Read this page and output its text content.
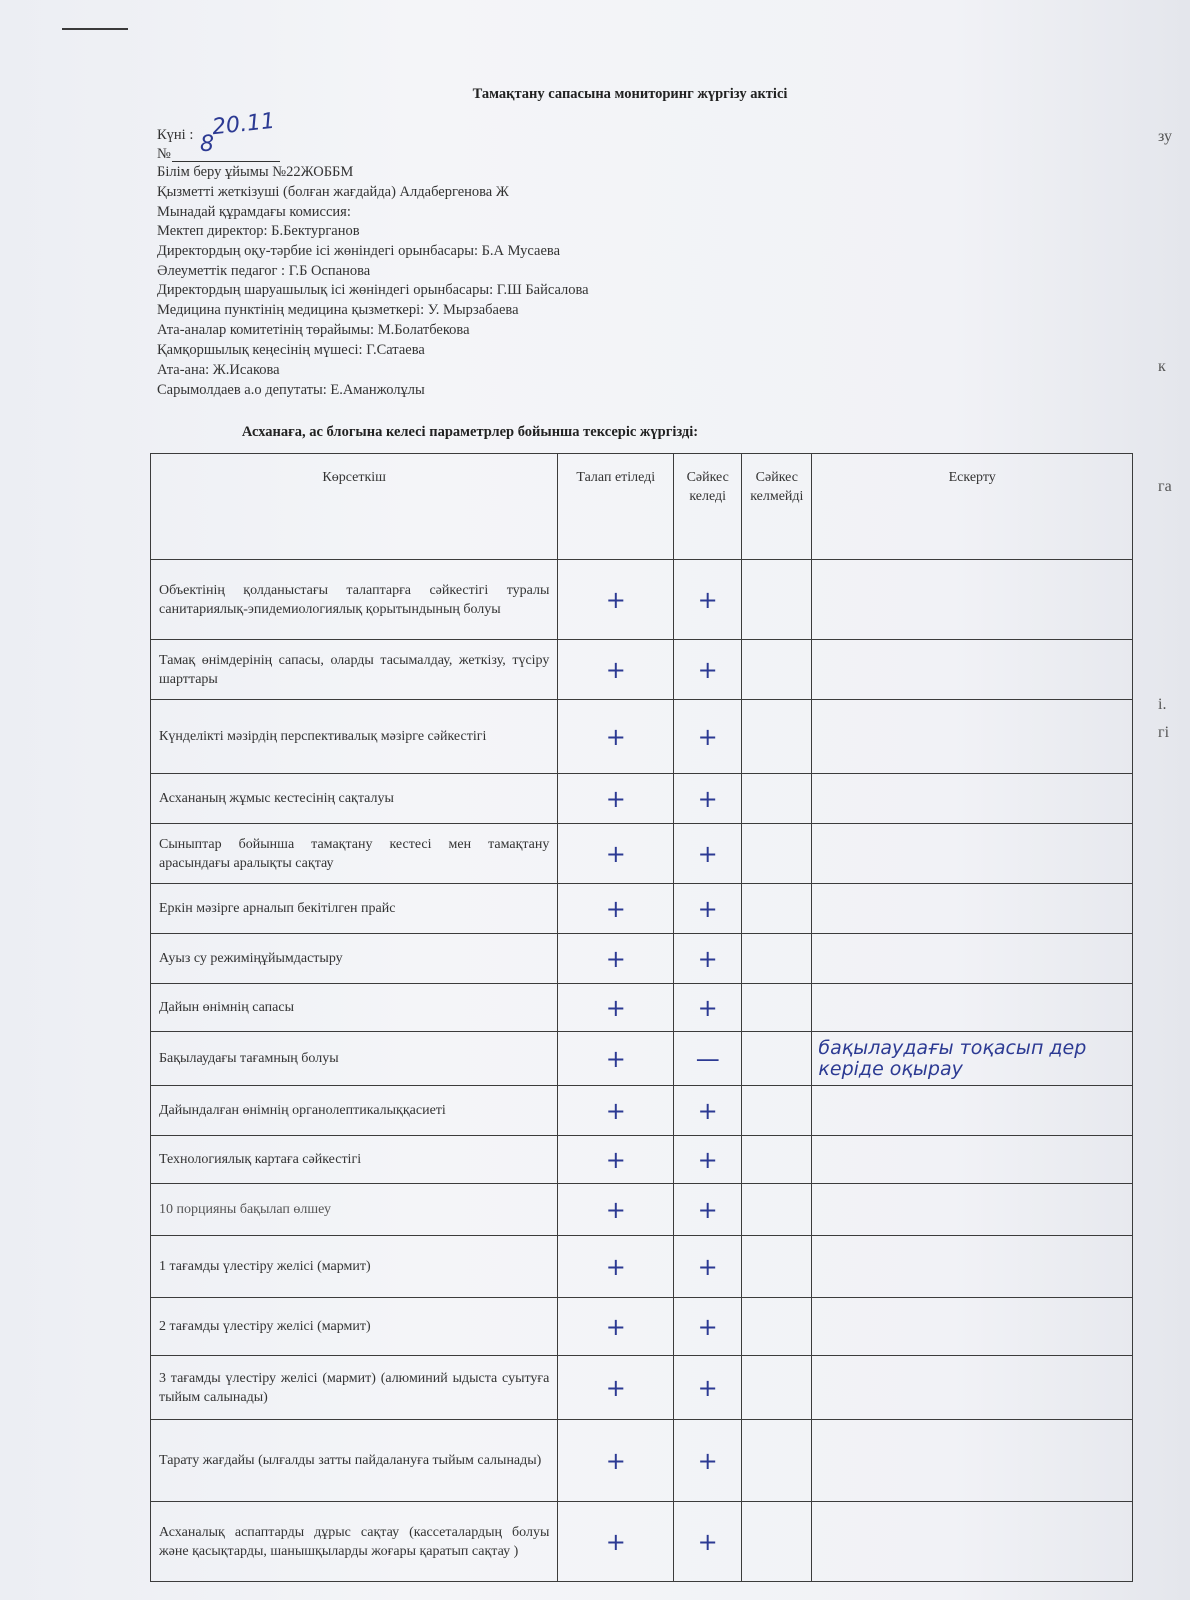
Тамақтану сапасына мониторинг жүргізу актісі
Күні : 20.11
№ 8
Білім беру ұйымы №22ЖОББМ
Қызметті жеткізуші (болған жағдайда) Алдабергенова Ж
Мынадай құрамдағы комиссия:
Мектеп директор: Б.Бектурганов
Директордың оқу-тәрбие ісі жөніндегі орынбасары: Б.А Мусаева
Әлеуметтік педагог : Г.Б Оспанова
Директордың шаруашылық ісі жөніндегі орынбасары: Г.Ш Байсалова
Медицина пунктінің медицина қызметкері: У. Мырзабаева
Ата-аналар комитетінің төрайымы: М.Болатбекова
Қамқоршылық кеңесінің мүшесі: Г.Сатаева
Ата-ана: Ж.Исакова
Сарымолдаев а.о депутаты: Е.Аманжолұлы
Асханаға, ас блогына келесі параметрлер бойынша тексеріс жүргізді:
Көрсеткіш	Талап етіледі	Сәйкес келеді	Сәйкес келмейді	Ескерту
Объектінің қолданыстағы талаптарға сәйкестігі туралы санитариялық-эпидемиологиялық қорытындының болуы	+	+		
Тамақ өнімдерінің сапасы, оларды тасымалдау, жеткізу, түсіру шарттары	+	+		
Күнделікті мәзірдің перспективалық мәзірге сәйкестігі	+	+		
Асхананың жұмыс кестесінің сақталуы	+	+		
Сыныптар бойынша тамақтану кестесі мен тамақтану арасындағы аралықты сақтау	+	+		
Еркін мәзірге арналып бекітілген прайс	+	+		
Ауыз су режиміңұйымдастыру	+	+		
Дайын өнімнің сапасы	+	+		
Бақылаудағы тағамның болуы	+	—		бақылаудағы тоқасып дер керіде оқырау
Дайындалған өнімнің органолептикалыққасиеті	+	+		
Технологиялық картаға сәйкестігі	+	+		
10 порцияны бақылап өлшеу	+	+		
1 тағамды үлестіру желісі (мармит)	+	+		
2 тағамды үлестіру желісі (мармит)	+	+		
3 тағамды үлестіру желісі (мармит) (алюминий ыдыста суытуға тыйым салынады)	+	+		
Тарату жағдайы (ылғалды затты пайдалануға тыйым салынады)	+	+		
Асханалық аспаптарды дұрыс сақтау (кассеталардың болуы және қасықтарды, шанышқыларды жоғары қаратып сақтау )	+	+		
зу
к
га
і.
гі
